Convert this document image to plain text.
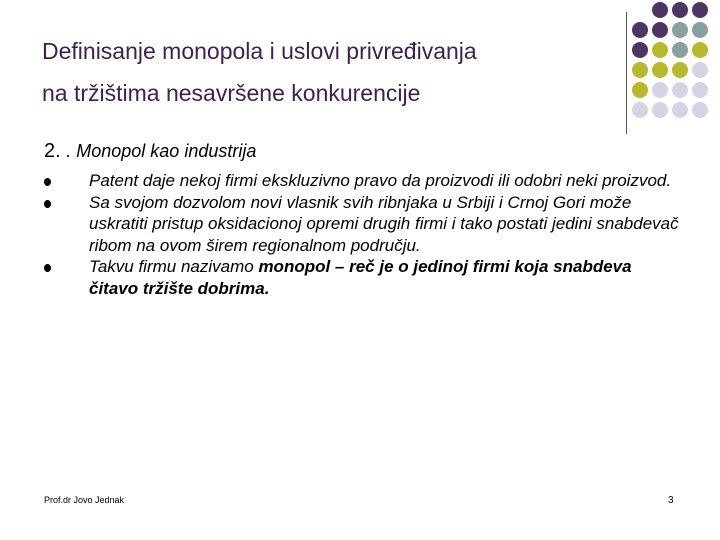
Definisanje monopola i uslovi privređivanja
na tržištima nesavršene konkurencije
2. . Monopol kao industrija
Patent daje nekoj firmi ekskluzivno pravo da proizvodi ili odobri neki proizvod.
Sa svojom dozvolom novi vlasnik svih ribnjaka u Srbiji i Crnoj Gori može uskratiti pristup oksidacionoj opremi drugih firmi i tako postati jedini snabdevač ribom na ovom širem regionalnom području.
Takvu firmu nazivamo monopol – reč je o jedinoj firmi koja snabdeva čitavo tržište dobrima.
Prof.dr Jovo Jednak	3
